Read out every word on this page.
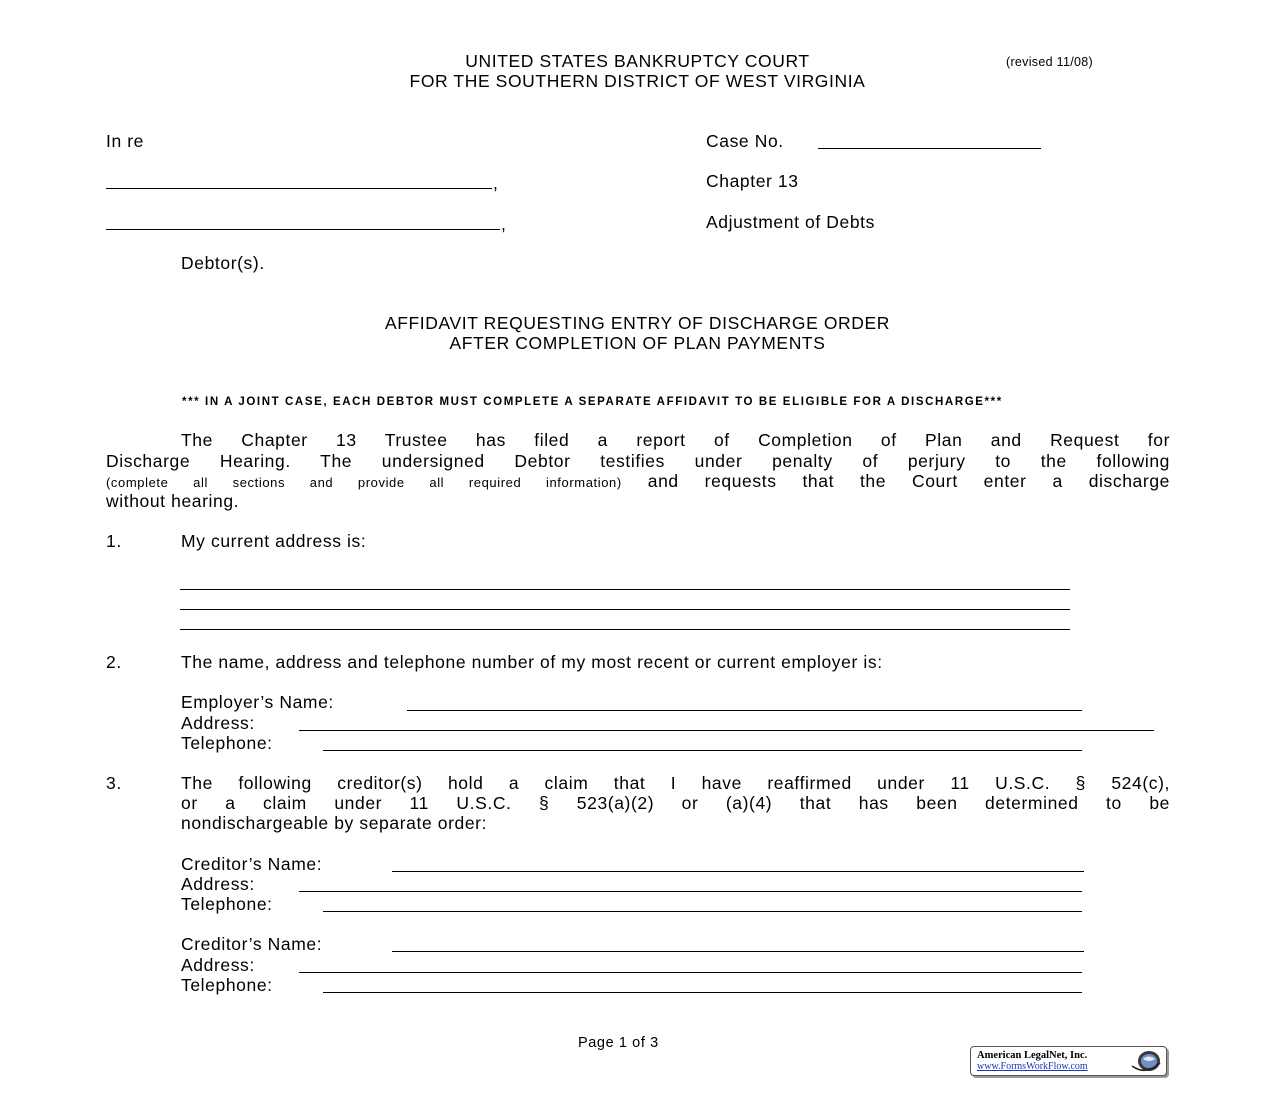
UNITED STATES BANKRUPTCY COURT
FOR THE SOUTHERN DISTRICT OF WEST VIRGINIA
(revised 11/08)
In re
,
,
Debtor(s).
Case No.
Chapter 13
Adjustment of Debts
AFFIDAVIT REQUESTING ENTRY OF DISCHARGE ORDER
AFTER COMPLETION OF PLAN PAYMENTS
*** IN A JOINT CASE, EACH DEBTOR MUST COMPLETE A SEPARATE AFFIDAVIT TO BE ELIGIBLE FOR A DISCHARGE***
The Chapter 13 Trustee has filed a report of Completion of Plan and Request for
Discharge Hearing. The undersigned Debtor testifies under penalty of perjury to the following
(complete all sections and provide all required information) and requests that the Court enter a discharge
without hearing.
1.	My current address is:
2.	The name, address and telephone number of my most recent or current employer is:
Employer’s Name:
Address:
Telephone:
3.	The following creditor(s) hold a claim that I have reaffirmed under 11 U.S.C. § 524(c),
or a claim under 11 U.S.C. § 523(a)(2) or (a)(4) that has been determined to be
nondischargeable by separate order:
Creditor’s Name:
Address:
Telephone:
Creditor’s Name:
Address:
Telephone:
Page 1 of 3
American LegalNet, Inc.
www.FormsWorkFlow.com
